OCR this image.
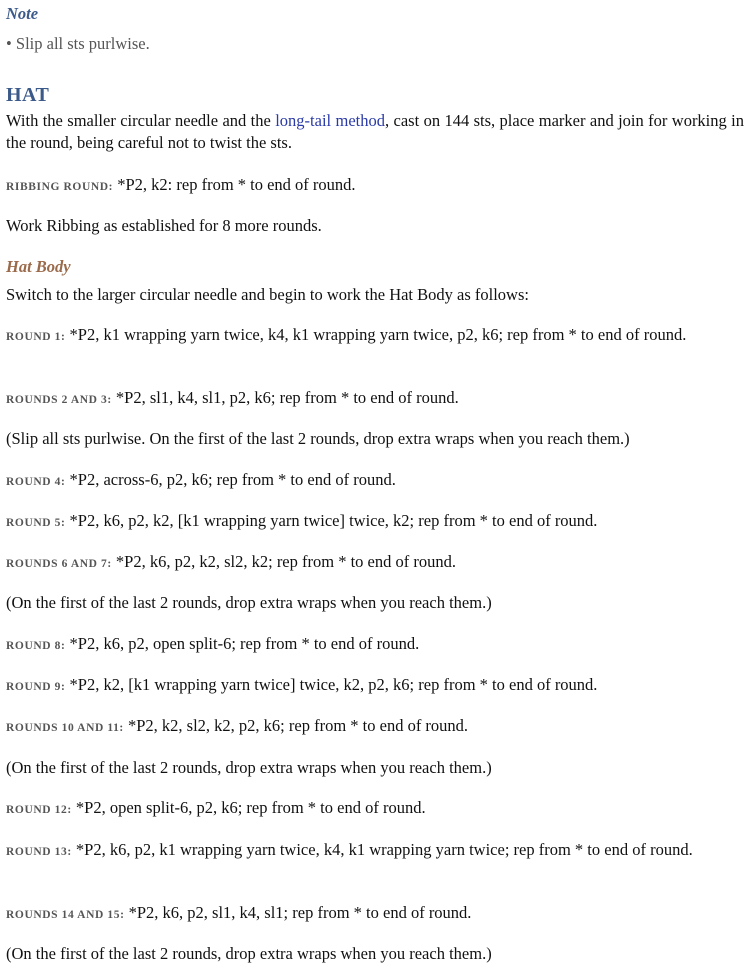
Note
• Slip all sts purlwise.
HAT
With the smaller circular needle and the long-tail method, cast on 144 sts, place marker and join for working in the round, being careful not to twist the sts.
RIBBING ROUND: *P2, k2: rep from * to end of round.
Work Ribbing as established for 8 more rounds.
Hat Body
Switch to the larger circular needle and begin to work the Hat Body as follows:
ROUND 1: *P2, k1 wrapping yarn twice, k4, k1 wrapping yarn twice, p2, k6; rep from * to end of round.
ROUNDS 2 AND 3: *P2, sl1, k4, sl1, p2, k6; rep from * to end of round.
(Slip all sts purlwise. On the first of the last 2 rounds, drop extra wraps when you reach them.)
ROUND 4: *P2, across-6, p2, k6; rep from * to end of round.
ROUND 5: *P2, k6, p2, k2, [k1 wrapping yarn twice] twice, k2; rep from * to end of round.
ROUNDS 6 AND 7: *P2, k6, p2, k2, sl2, k2; rep from * to end of round.
(On the first of the last 2 rounds, drop extra wraps when you reach them.)
ROUND 8: *P2, k6, p2, open split-6; rep from * to end of round.
ROUND 9: *P2, k2, [k1 wrapping yarn twice] twice, k2, p2, k6; rep from * to end of round.
ROUNDS 10 AND 11: *P2, k2, sl2, k2, p2, k6; rep from * to end of round.
(On the first of the last 2 rounds, drop extra wraps when you reach them.)
ROUND 12: *P2, open split-6, p2, k6; rep from * to end of round.
ROUND 13: *P2, k6, p2, k1 wrapping yarn twice, k4, k1 wrapping yarn twice; rep from * to end of round.
ROUNDS 14 AND 15: *P2, k6, p2, sl1, k4, sl1; rep from * to end of round.
(On the first of the last 2 rounds, drop extra wraps when you reach them.)
